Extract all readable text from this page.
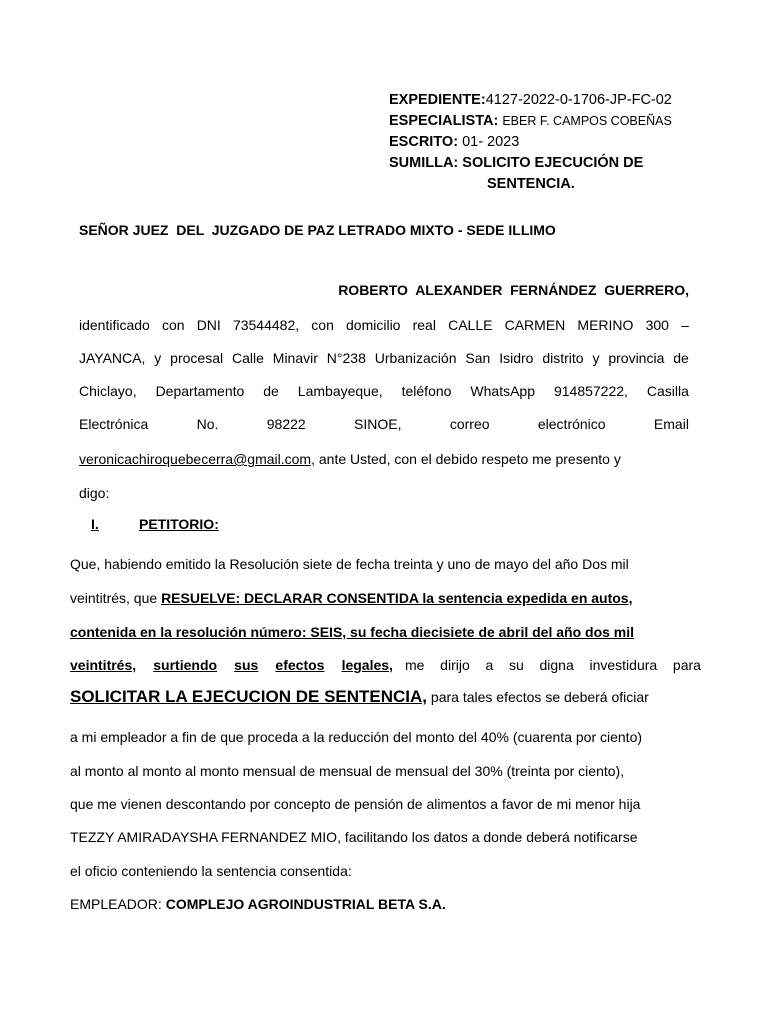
EXPEDIENTE:4127-2022-0-1706-JP-FC-02
ESPECIALISTA: EBER F. CAMPOS COBEÑAS
ESCRITO: 01- 2023
SUMILLA: SOLICITO EJECUCIÓN DE
SENTENCIA.
SEÑOR JUEZ  DEL  JUZGADO DE PAZ LETRADO MIXTO - SEDE ILLIMO
ROBERTO  ALEXANDER  FERNÁNDEZ  GUERRERO,
identificado con DNI 73544482, con domicilio real CALLE CARMEN MERINO 300 –
JAYANCA, y procesal Calle Minavir N°238 Urbanización San Isidro distrito y provincia de
Chiclayo, Departamento de Lambayeque, teléfono WhatsApp 914857222, Casilla
Electrónica	No.	98222	SINOE,	correo	electrónico	Email
veronicachiroquebecerra@gmail.com, ante Usted, con el debido respeto me presento y
digo:
I.	PETITORIO:
Que, habiendo emitido la Resolución siete de fecha treinta y uno de mayo del año Dos mil
veintitrés, que RESUELVE: DECLARAR CONSENTIDA la sentencia expedida en autos,
contenida en la resolución número: SEIS, su fecha diecisiete de abril del año dos mil
veintitrés, surtiendo sus efectos legales, me dirijo a su digna investidura para
SOLICITAR LA EJECUCION DE SENTENCIA, para tales efectos se deberá oficiar
a mi empleador a fin de que proceda a la reducción del monto del 40% (cuarenta por ciento)
al monto al monto al monto mensual de mensual de mensual del 30% (treinta por ciento),
que me vienen descontando por concepto de pensión de alimentos a favor de mi menor hija
TEZZY AMIRADAYSHA FERNANDEZ MIO, facilitando los datos a donde deberá notificarse
el oficio conteniendo la sentencia consentida:
EMPLEADOR: COMPLEJO AGROINDUSTRIAL BETA S.A.
